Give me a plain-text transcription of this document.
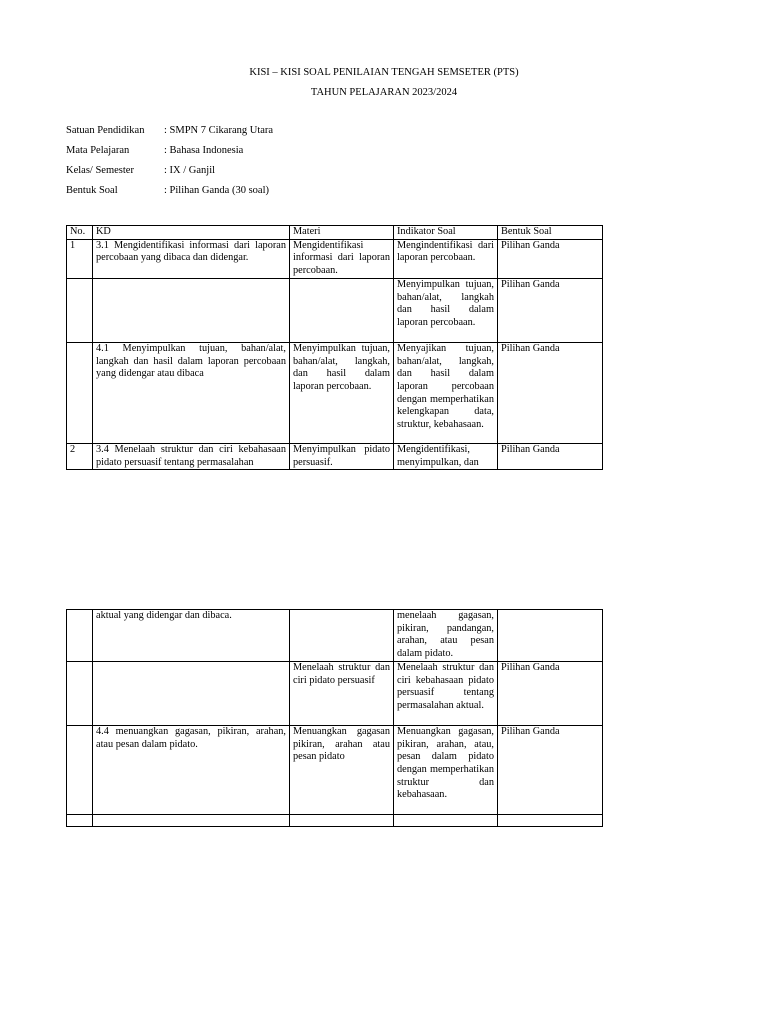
KISI – KISI SOAL PENILAIAN TENGAH SEMSETER (PTS)
TAHUN PELAJARAN 2023/2024
Satuan Pendidikan : SMPN 7 Cikarang Utara
Mata Pelajaran	: Bahasa Indonesia
Kelas/ Semester	: IX / Ganjil
Bentuk Soal	: Pilihan Ganda (30 soal)
No.	KD	Materi	Indikator Soal	Bentuk Soal
1	3.1 Mengidentifikasi informasi dari laporan percobaan yang dibaca dan didengar.	Mengidentifikasi informasi dari laporan percobaan.	Mengindentifikasi dari laporan percobaan.	Pilihan Ganda
			Menyimpulkan tujuan, bahan/alat, langkah dan hasil dalam laporan percobaan.	Pilihan Ganda
	4.1 Menyimpulkan tujuan, bahan/alat, langkah dan hasil dalam laporan percobaan yang didengar atau dibaca	Menyimpulkan tujuan, bahan/alat, langkah, dan hasil dalam laporan percobaan.	Menyajikan tujuan, bahan/alat, langkah, dan hasil dalam laporan percobaan dengan memperhatikan kelengkapan data, struktur, kebahasaan.	Pilihan Ganda
2	3.4 Menelaah struktur dan ciri kebahasaan pidato persuasif tentang permasalahan	Menyimpulkan pidato persuasif.	Mengidentifikasi, menyimpulkan, dan	Pilihan Ganda
	aktual yang didengar dan dibaca.		menelaah gagasan, pikiran, pandangan, arahan, atau pesan dalam pidato.	
		Menelaah struktur dan ciri pidato persuasif	Menelaah struktur dan ciri kebahasaan pidato persuasif tentang permasalahan aktual.	Pilihan Ganda
	4.4 menuangkan gagasan, pikiran, arahan, atau pesan dalam pidato.	Menuangkan gagasan pikiran, arahan atau pesan pidato	Menuangkan gagasan, pikiran, arahan, atau, pesan dalam pidato dengan memperhatikan struktur dan kebahasaan.	Pilihan Ganda
